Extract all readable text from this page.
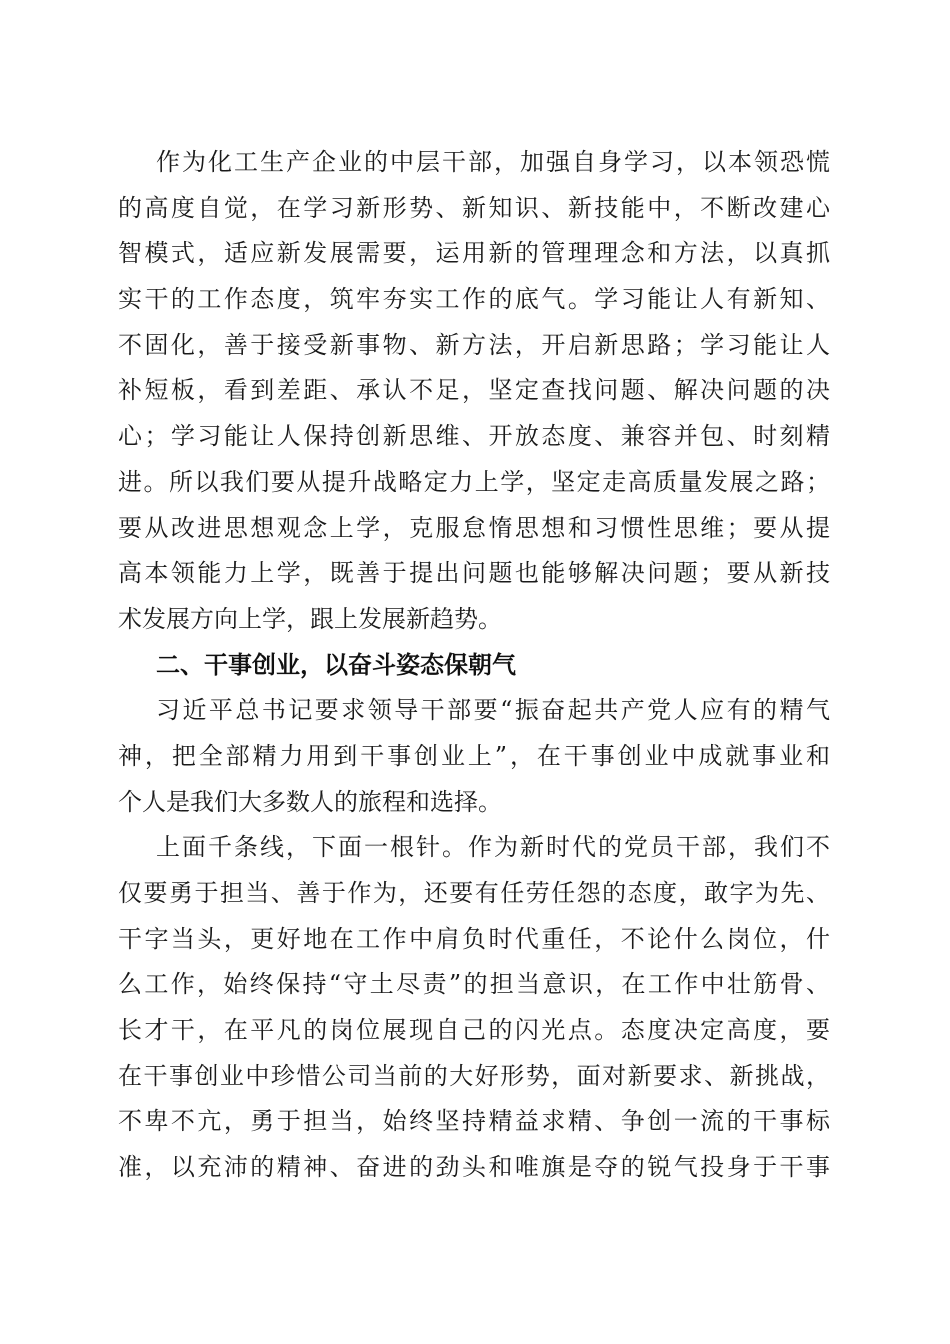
作为化工生产企业的中层干部，加强自身学习，以本领恐慌
的高度自觉，在学习新形势、新知识、新技能中，不断改建心
智模式，适应新发展需要，运用新的管理理念和方法，以真抓
实干的工作态度，筑牢夯实工作的底气。学习能让人有新知、
不固化，善于接受新事物、新方法，开启新思路；学习能让人
补短板，看到差距、承认不足，坚定查找问题、解决问题的决
心；学习能让人保持创新思维、开放态度、兼容并包、时刻精
进。所以我们要从提升战略定力上学，坚定走高质量发展之路；
要从改进思想观念上学，克服怠惰思想和习惯性思维；要从提
高本领能力上学，既善于提出问题也能够解决问题；要从新技
术发展方向上学，跟上发展新趋势。
二、干事创业，以奋斗姿态保朝气
习近平总书记要求领导干部要“振奋起共产党人应有的精气
神，把全部精力用到干事创业上”，在干事创业中成就事业和
个人是我们大多数人的旅程和选择。
上面千条线，下面一根针。作为新时代的党员干部，我们不
仅要勇于担当、善于作为，还要有任劳任怨的态度，敢字为先、
干字当头，更好地在工作中肩负时代重任，不论什么岗位，什
么工作，始终保持“守土尽责”的担当意识，在工作中壮筋骨、
长才干，在平凡的岗位展现自己的闪光点。态度决定高度，要
在干事创业中珍惜公司当前的大好形势，面对新要求、新挑战，
不卑不亢，勇于担当，始终坚持精益求精、争创一流的干事标
准，以充沛的精神、奋进的劲头和唯旗是夺的锐气投身于干事
